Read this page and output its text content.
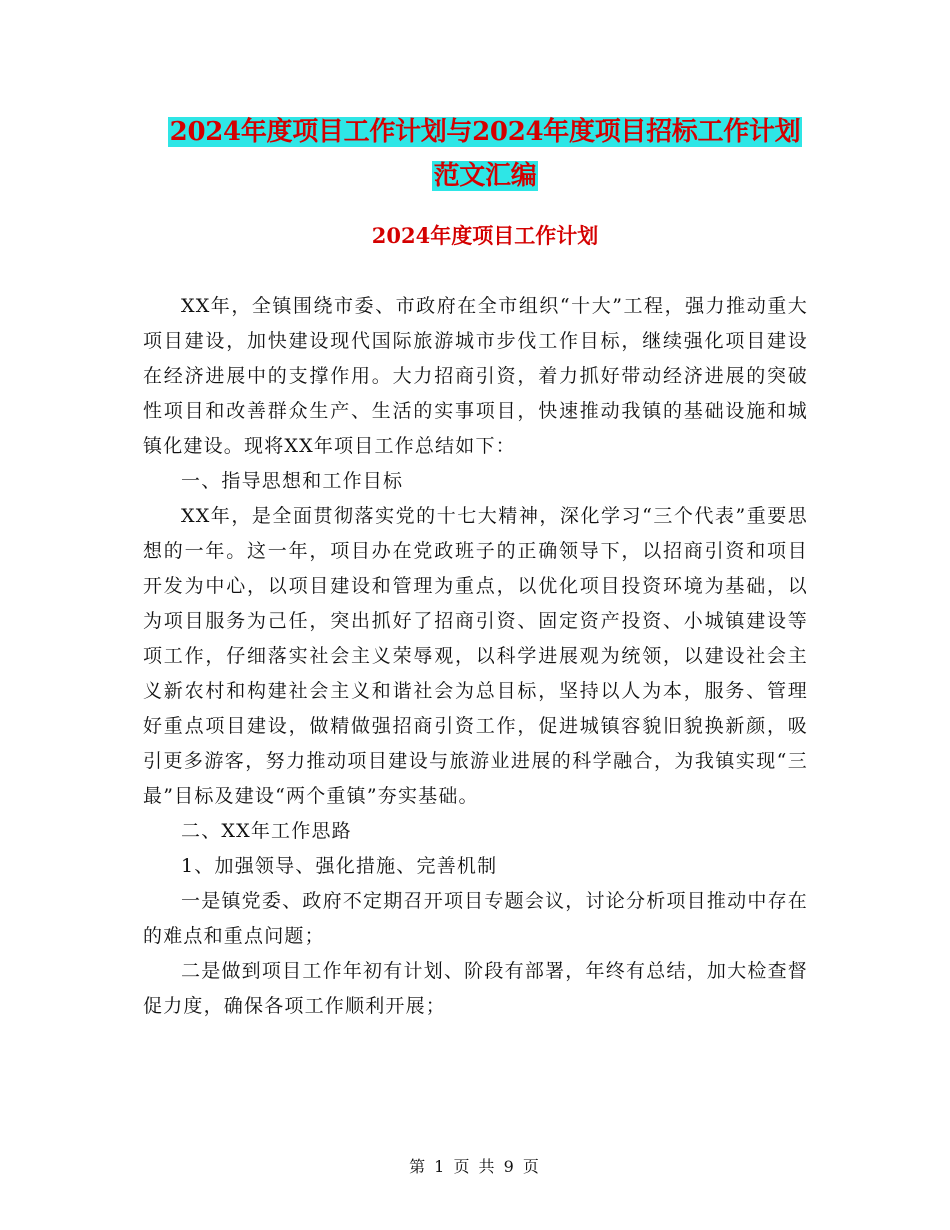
2024年度项目工作计划与2024年度项目招标工作计划
范文汇编
2024年度项目工作计划

XX年，全镇围绕市委、市政府在全市组织“十大”工程，强力推动重大项目建设，加快建设现代国际旅游城市步伐工作目标，继续强化项目建设在经济进展中的支撑作用。大力招商引资，着力抓好带动经济进展的突破性项目和改善群众生产、生活的实事项目，快速推动我镇的基础设施和城镇化建设。现将XX年项目工作总结如下：

一、指导思想和工作目标

XX年，是全面贯彻落实党的十七大精神，深化学习“三个代表”重要思想的一年。这一年，项目办在党政班子的正确领导下，以招商引资和项目开发为中心，以项目建设和管理为重点，以优化项目投资环境为基础，以为项目服务为己任，突出抓好了招商引资、固定资产投资、小城镇建设等项工作，仔细落实社会主义荣辱观，以科学进展观为统领，以建设社会主义新农村和构建社会主义和谐社会为总目标，坚持以人为本，服务、管理好重点项目建设，做精做强招商引资工作，促进城镇容貌旧貌换新颜，吸引更多游客，努力推动项目建设与旅游业进展的科学融合，为我镇实现“三最”目标及建设“两个重镇”夯实基础。

二、XX年工作思路

1、加强领导、强化措施、完善机制

一是镇党委、政府不定期召开项目专题会议，讨论分析项目推动中存在的难点和重点问题；

二是做到项目工作年初有计划、阶段有部署，年终有总结，加大检查督促力度，确保各项工作顺利开展；

第 1 页 共 9 页
